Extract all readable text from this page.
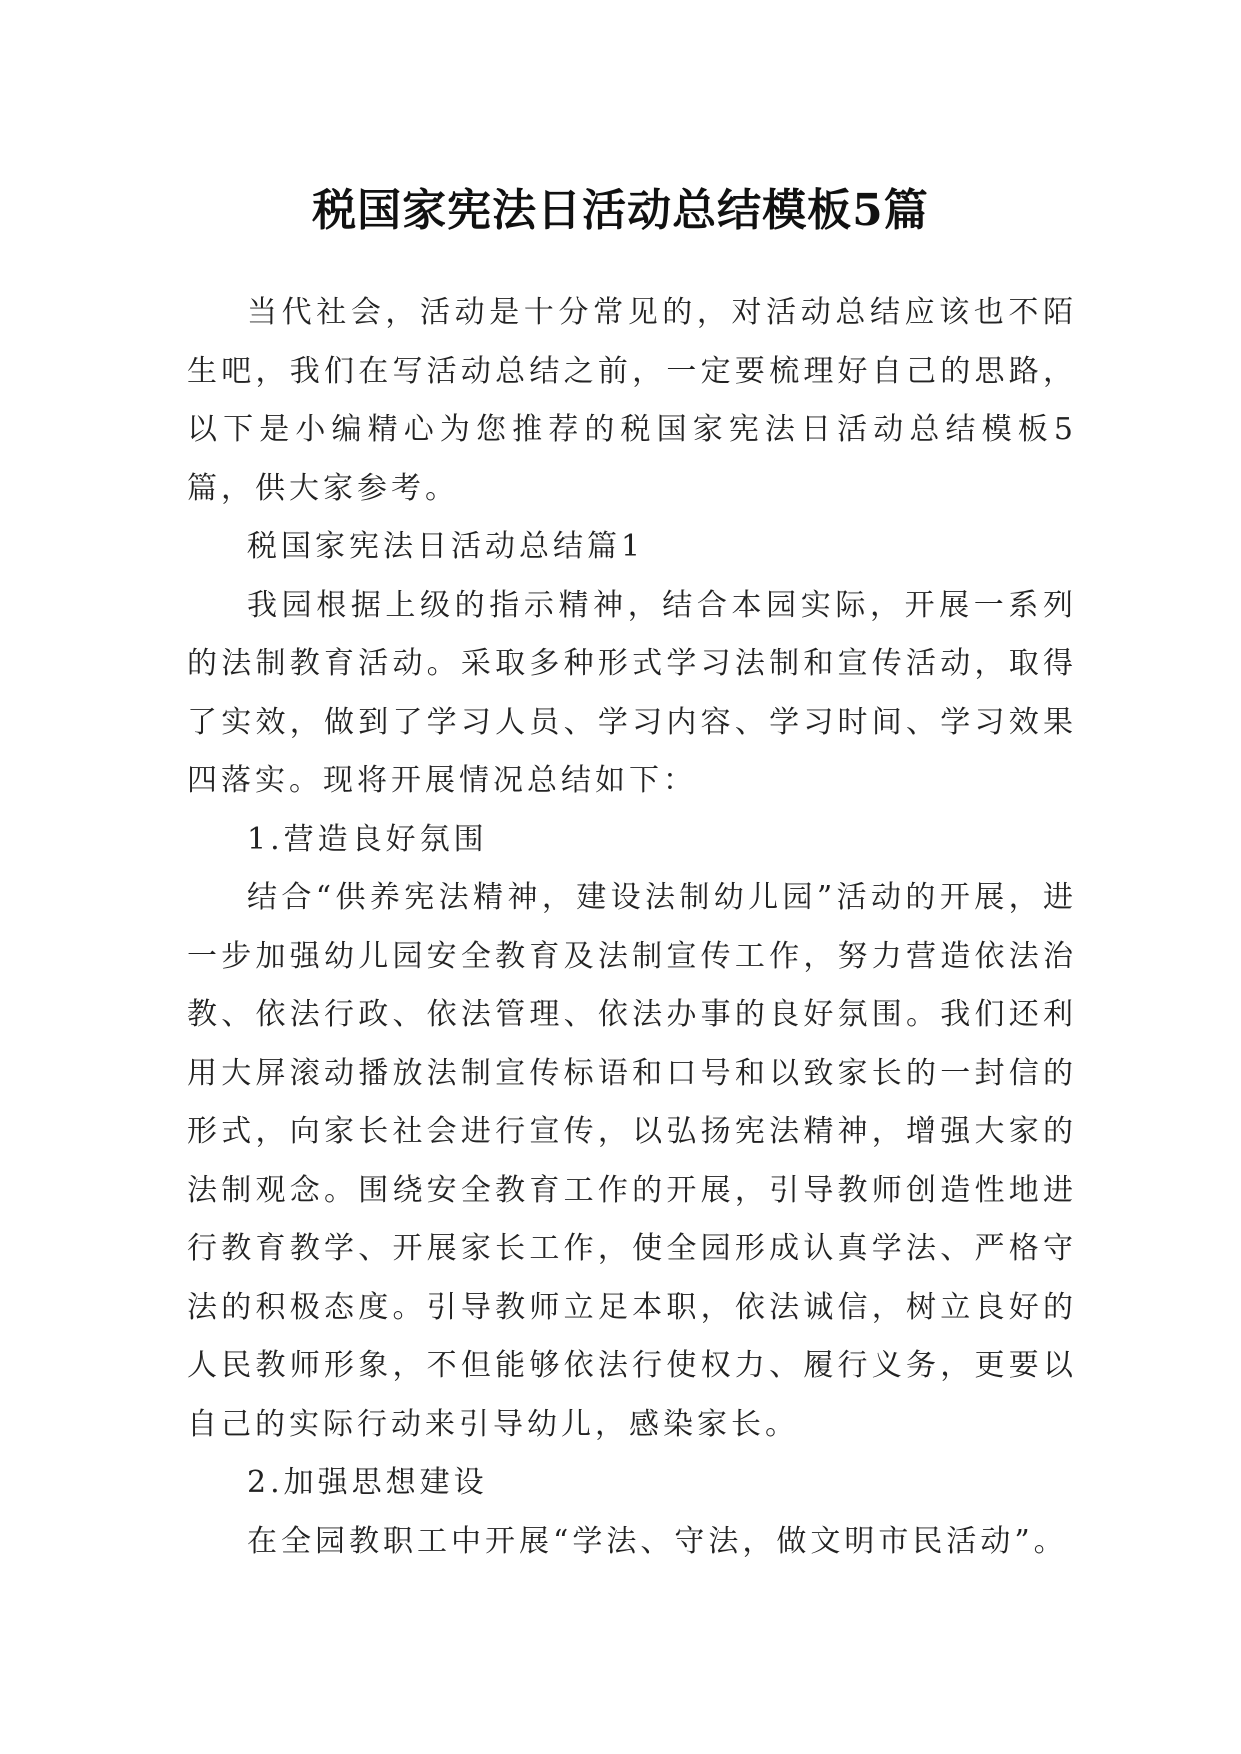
税国家宪法日活动总结模板5篇

当代社会，活动是十分常见的，对活动总结应该也不陌生吧，我们在写活动总结之前，一定要梳理好自己的思路，以下是小编精心为您推荐的税国家宪法日活动总结模板5篇，供大家参考。

税国家宪法日活动总结篇1

我园根据上级的指示精神，结合本园实际，开展一系列的法制教育活动。采取多种形式学习法制和宣传活动，取得了实效，做到了学习人员、学习内容、学习时间、学习效果四落实。现将开展情况总结如下：

1.营造良好氛围

结合“供养宪法精神，建设法制幼儿园”活动的开展，进一步加强幼儿园安全教育及法制宣传工作，努力营造依法治教、依法行政、依法管理、依法办事的良好氛围。我们还利用大屏滚动播放法制宣传标语和口号和以致家长的一封信的形式，向家长社会进行宣传，以弘扬宪法精神，增强大家的法制观念。围绕安全教育工作的开展，引导教师创造性地进行教育教学、开展家长工作，使全园形成认真学法、严格守法的积极态度。引导教师立足本职，依法诚信，树立良好的人民教师形象，不但能够依法行使权力、履行义务，更要以自己的实际行动来引导幼儿，感染家长。

2.加强思想建设

在全园教职工中开展“学法、守法，做文明市民活动”。
